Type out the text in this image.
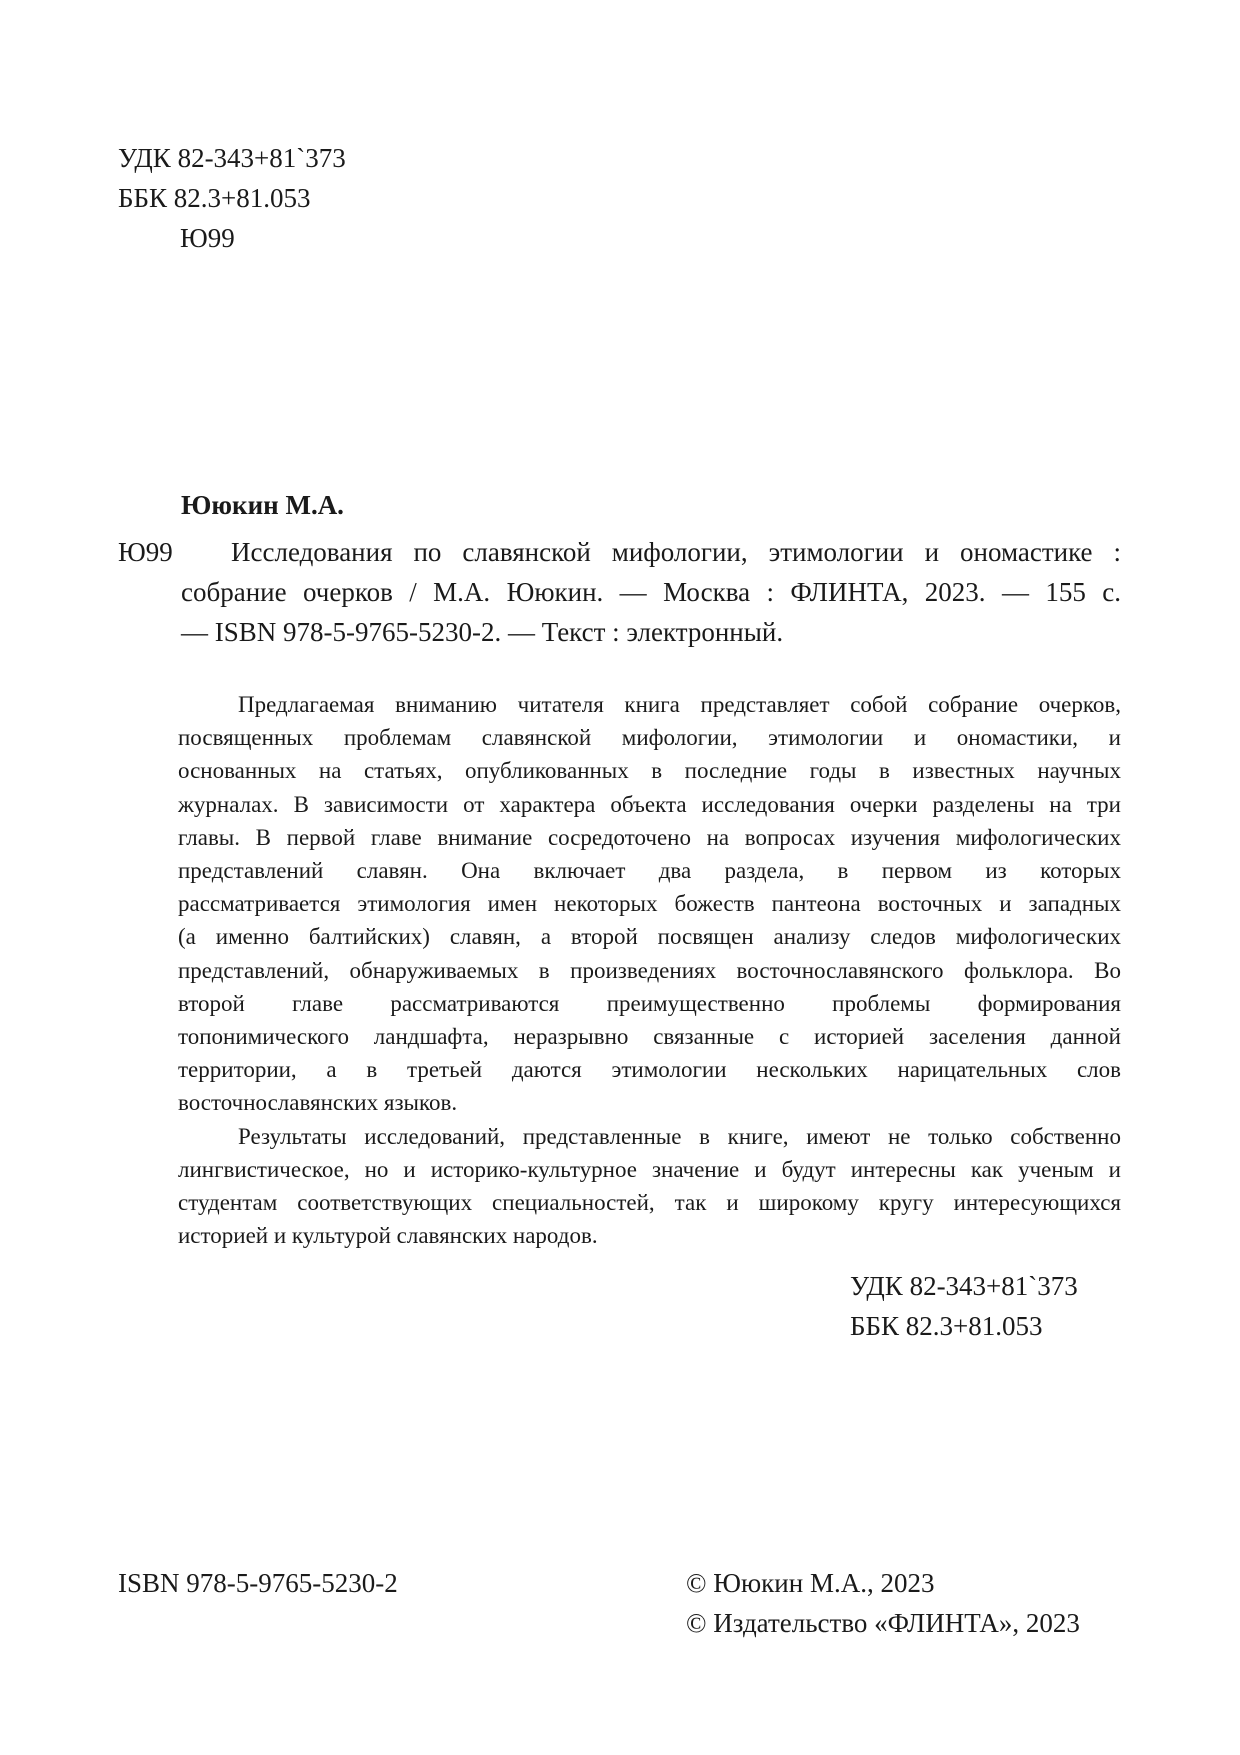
УДК 82-343+81`373
ББК 82.3+81.053
Ю99
Ююкин М.А.
Ю99	Исследования по славянской мифологии, этимологии и ономастике :
собрание очерков / М.А. Ююкин. — Москва : ФЛИНТА, 2023. — 155 с.
— ISBN 978-5-9765-5230-2. — Текст : электронный.
Предлагаемая вниманию читателя книга представляет собой собрание очерков,
посвященных проблемам славянской мифологии, этимологии и ономастики, и
основанных на статьях, опубликованных в последние годы в известных научных
журналах. В зависимости от характера объекта исследования очерки разделены на три
главы. В первой главе внимание сосредоточено на вопросах изучения мифологических
представлений славян. Она включает два раздела, в первом из которых
рассматривается этимология имен некоторых божеств пантеона восточных и западных
(а именно балтийских) славян, а второй посвящен анализу следов мифологических
представлений, обнаруживаемых в произведениях восточнославянского фольклора. Во
второй главе рассматриваются преимущественно проблемы формирования
топонимического ландшафта, неразрывно связанные с историей заселения данной
территории, а в третьей даются этимологии нескольких нарицательных слов
восточнославянских языков.
Результаты исследований, представленные в книге, имеют не только собственно
лингвистическое, но и историко-культурное значение и будут интересны как ученым и
студентам соответствующих специальностей, так и широкому кругу интересующихся
историей и культурой славянских народов.
УДК 82-343+81`373
ББК 82.3+81.053
ISBN 978-5-9765-5230-2	© Ююкин М.А., 2023
© Издательство «ФЛИНТА», 2023
